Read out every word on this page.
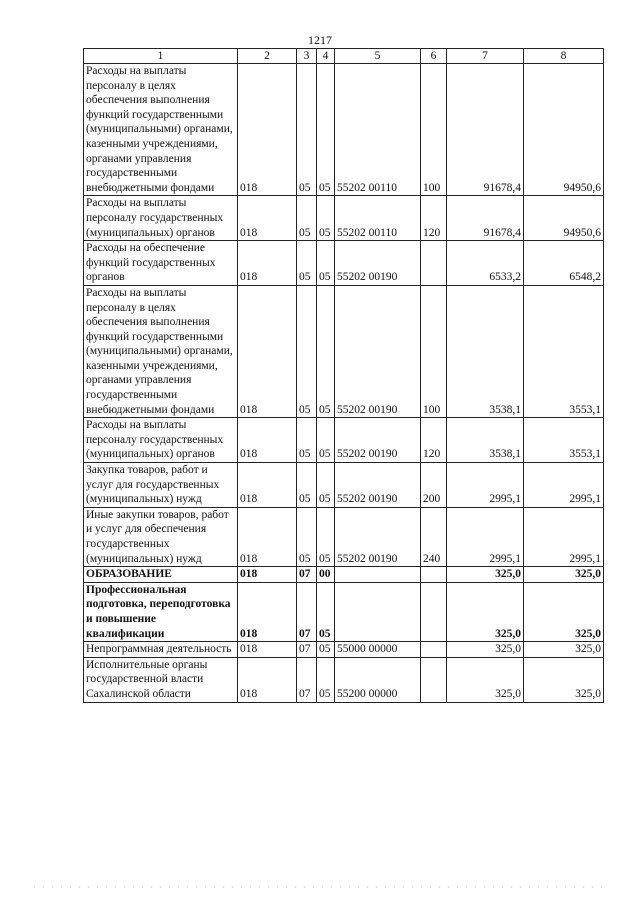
1217
1	2	3	4	5	6	7	8
Расходы на выплаты персоналу в целях обеспечения выполнения функций государственными (муниципальными) органами, казенными учреждениями, органами управления государственными внебюджетными фондами	018	05	05	55202 00110	100	91678,4	94950,6
Расходы на выплаты персоналу государственных (муниципальных) органов	018	05	05	55202 00110	120	91678,4	94950,6
Расходы на обеспечение функций государственных органов	018	05	05	55202 00190		6533,2	6548,2
Расходы на выплаты персоналу в целях обеспечения выполнения функций государственными (муниципальными) органами, казенными учреждениями, органами управления государственными внебюджетными фондами	018	05	05	55202 00190	100	3538,1	3553,1
Расходы на выплаты персоналу государственных (муниципальных) органов	018	05	05	55202 00190	120	3538,1	3553,1
Закупка товаров, работ и услуг для государственных (муниципальных) нужд	018	05	05	55202 00190	200	2995,1	2995,1
Иные закупки товаров, работ и услуг для обеспечения государственных (муниципальных) нужд	018	05	05	55202 00190	240	2995,1	2995,1
ОБРАЗОВАНИЕ	018	07	00			325,0	325,0
Профессиональная подготовка, переподготовка и повышение квалификации	018	07	05			325,0	325,0
Непрограммная деятельность	018	07	05	55000 00000		325,0	325,0
Исполнительные органы государственной власти Сахалинской области	018	07	05	55200 00000		325,0	325,0
